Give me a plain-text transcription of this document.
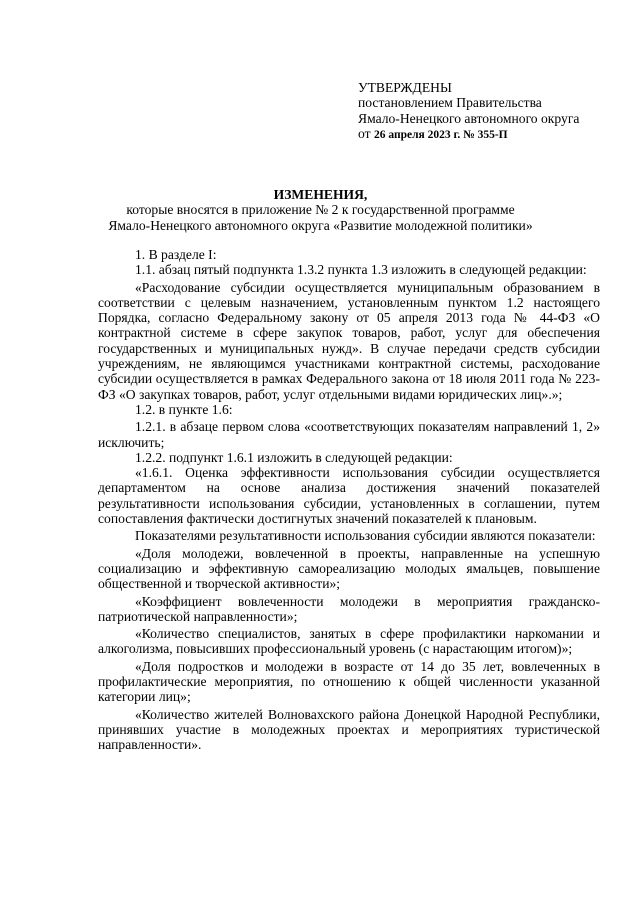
УТВЕРЖДЕНЫ

постановлением Правительства

Ямало-Ненецкого автономного округа

от 26 апреля 2023 г. № 355-П

ИЗМЕНЕНИЯ,

которые вносятся в приложение № 2 к государственной программе

Ямало-Ненецкого автономного округа «Развитие молодежной политики»

1. В разделе I:

1.1. абзац пятый подпункта 1.3.2 пункта 1.3 изложить в следующей редакции:

«Расходование субсидии осуществляется муниципальным образованием в соответствии с целевым назначением, установленным пунктом 1.2 настоящего Порядка, согласно Федеральному закону от 05 апреля 2013 года № 44-ФЗ «О контрактной системе в сфере закупок товаров, работ, услуг для обеспечения государственных и муниципальных нужд». В случае передачи средств субсидии учреждениям, не являющимся участниками контрактной системы, расходование субсидии осуществляется в рамках Федерального закона от 18 июля 2011 года № 223-ФЗ «О закупках товаров, работ, услуг отдельными видами юридических лиц».»;

1.2. в пункте 1.6:

1.2.1. в абзаце первом слова «соответствующих показателям направлений 1, 2» исключить;

1.2.2. подпункт 1.6.1 изложить в следующей редакции:

«1.6.1. Оценка эффективности использования субсидии осуществляется департаментом на основе анализа достижения значений показателей результативности использования субсидии, установленных в соглашении, путем сопоставления фактически достигнутых значений показателей к плановым.

Показателями результативности использования субсидии являются показатели:

«Доля молодежи, вовлеченной в проекты, направленные на успешную социализацию и эффективную самореализацию молодых ямальцев, повышение общественной и творческой активности»;

«Коэффициент вовлеченности молодежи в мероприятия гражданско-патриотической направленности»;

«Количество специалистов, занятых в сфере профилактики наркомании и алкоголизма, повысивших профессиональный уровень (с нарастающим итогом)»;

«Доля подростков и молодежи в возрасте от 14 до 35 лет, вовлеченных в профилактические мероприятия, по отношению к общей численности указанной категории лиц»;

«Количество жителей Волновахского района Донецкой Народной Республики, принявших участие в молодежных проектах и мероприятиях туристической направленности».
